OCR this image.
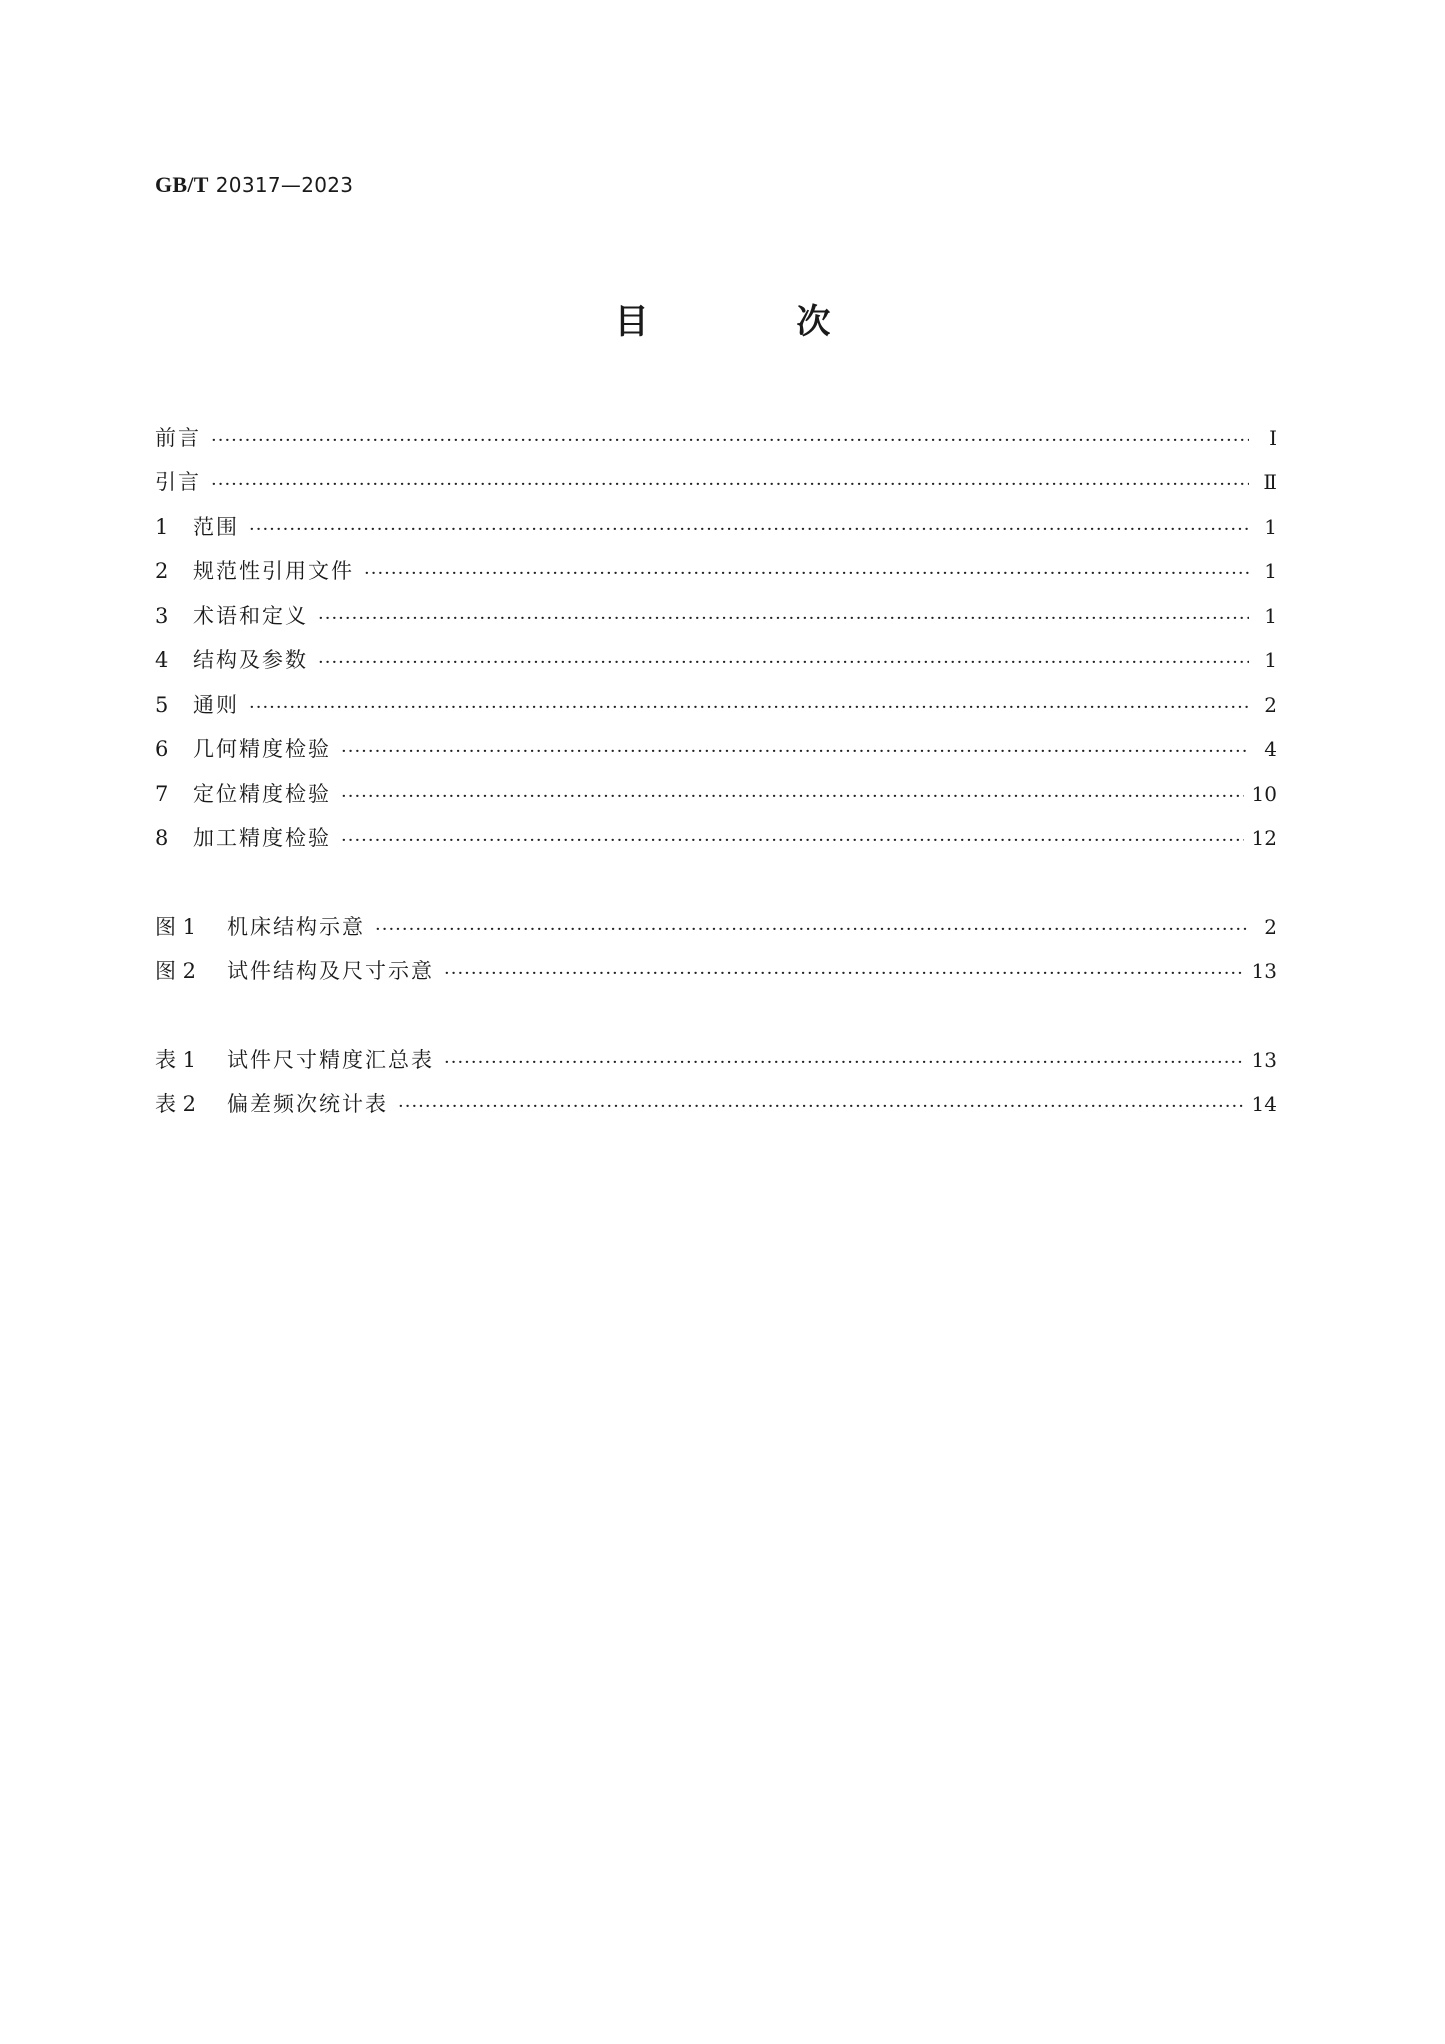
GB/T 20317—2023
目 次
前言 ·····	Ⅰ
引言 ·····	Ⅱ
1 范围 ·····	1
2 规范性引用文件 ·····	1
3 术语和定义 ·····	1
4 结构及参数 ·····	1
5 通则 ·····	2
6 几何精度检验 ·····	4
7 定位精度检验 ·····	10
8 加工精度检验 ·····	12
图 1 机床结构示意 ·····	2
图 2 试件结构及尺寸示意 ·····	13
表 1 试件尺寸精度汇总表 ·····	13
表 2 偏差频次统计表 ·····	14
